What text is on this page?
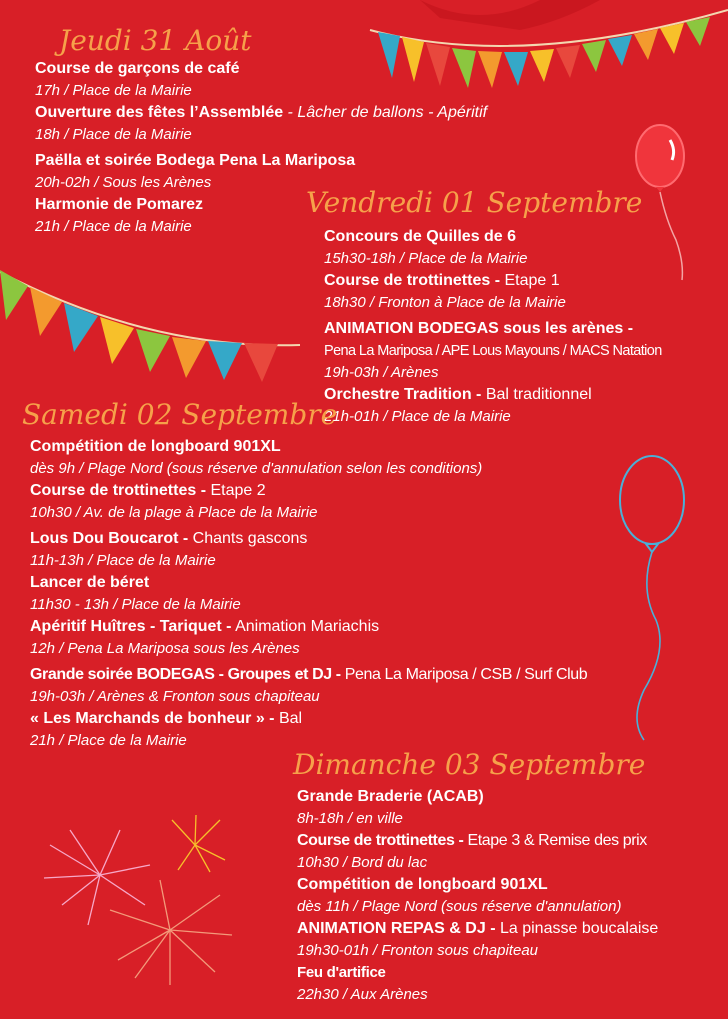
Jeudi 31 Août
Course de garçons de café
17h / Place de la Mairie
Ouverture des fêtes l’Assemblée - Lâcher de ballons - Apéritif
18h / Place de la Mairie
Paëlla et soirée Bodega Pena La Mariposa
20h-02h / Sous les Arènes
Harmonie de Pomarez
21h / Place de la Mairie
Vendredi 01 Septembre
Concours de Quilles de 6
15h30-18h / Place de la Mairie
Course de trottinettes - Etape 1
18h30 / Fronton à Place de la Mairie
ANIMATION BODEGAS sous les arènes -
Pena La Mariposa / APE Lous Mayouns / MACS Natation
19h-03h / Arènes
Orchestre Tradition - Bal traditionnel
21h-01h / Place de la Mairie
Samedi 02 Septembre
Compétition de longboard 901XL
dès 9h / Plage Nord (sous réserve d'annulation selon les conditions)
Course de trottinettes - Etape 2
10h30 / Av. de la plage à Place de la Mairie
Lous Dou Boucarot - Chants gascons
11h-13h / Place de la Mairie
Lancer de béret
11h30 - 13h / Place de la Mairie
Apéritif Huîtres - Tariquet - Animation Mariachis
12h / Pena La Mariposa sous les Arènes
Grande soirée BODEGAS - Groupes et DJ - Pena La Mariposa / CSB / Surf Club
19h-03h / Arènes & Fronton sous chapiteau
« Les Marchands de bonheur » - Bal
21h / Place de la Mairie
Dimanche 03 Septembre
Grande Braderie (ACAB)
8h-18h / en ville
Course de trottinettes - Etape 3 & Remise des prix
10h30 / Bord du lac
Compétition de longboard 901XL
dès 11h / Plage Nord (sous réserve d'annulation)
ANIMATION REPAS & DJ - La pinasse boucalaise
19h30-01h / Fronton sous chapiteau
Feu d'artifice
22h30 / Aux Arènes
